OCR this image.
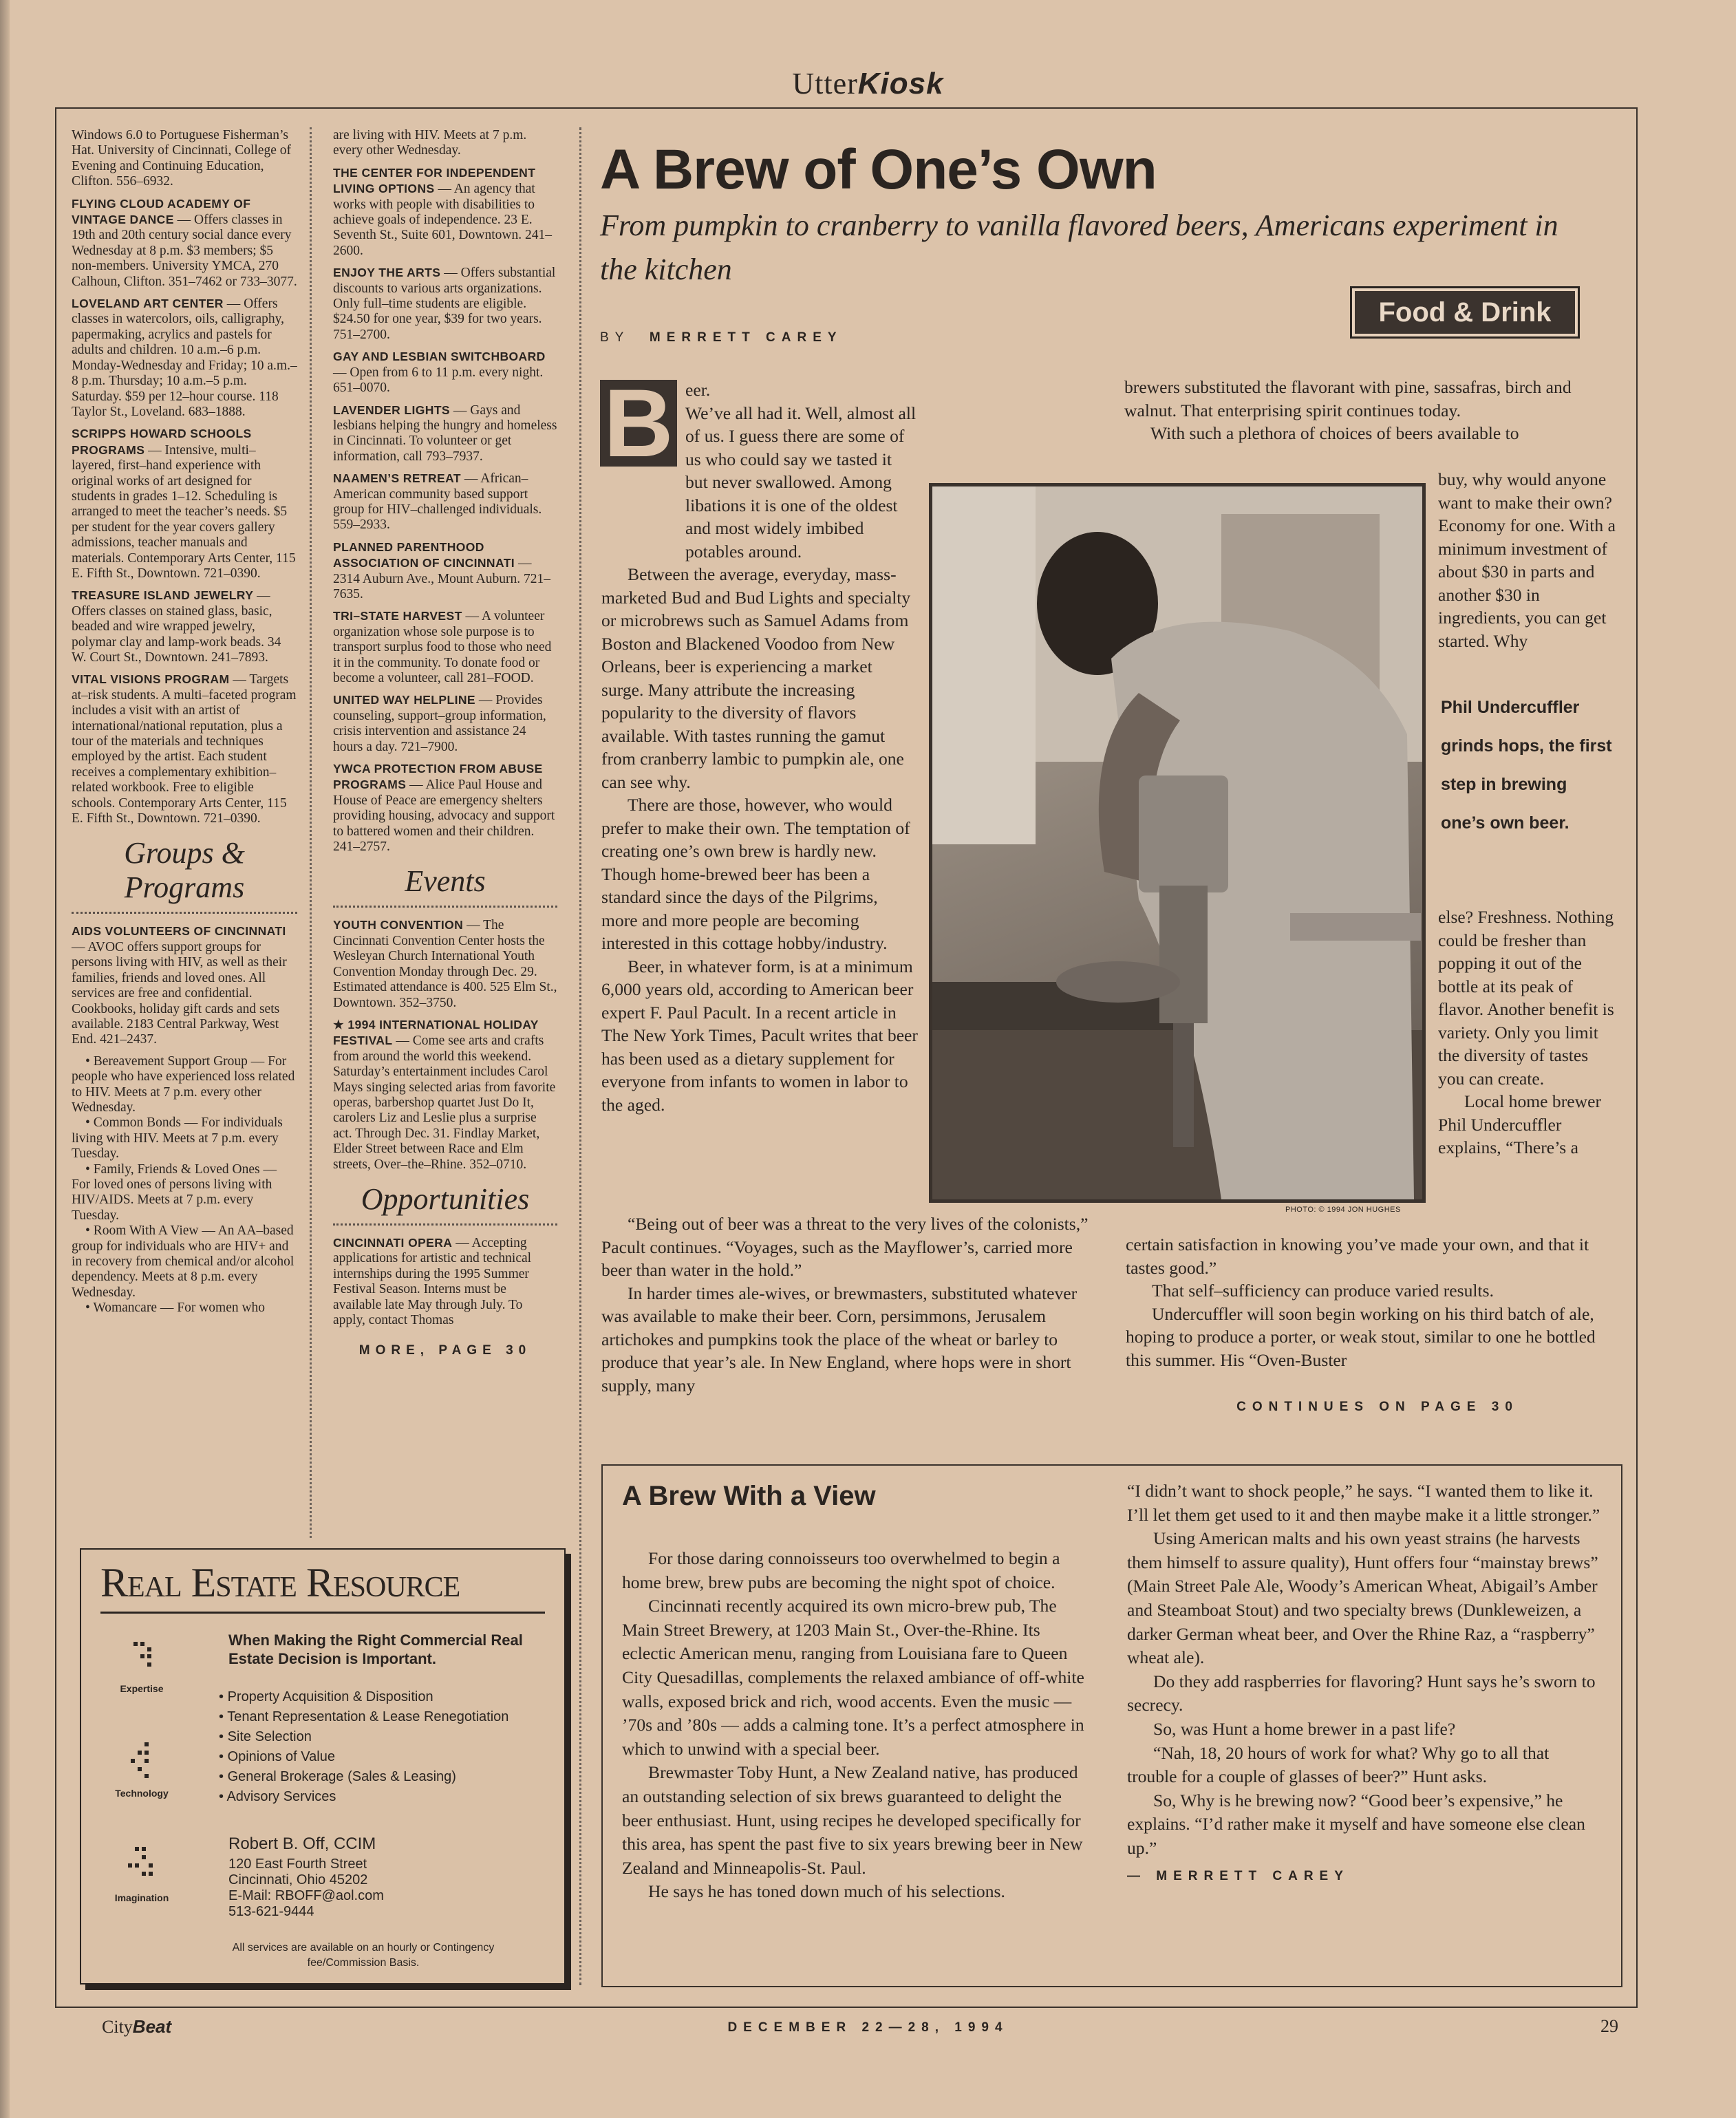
UtterKiosk

Windows 6.0 to Portuguese Fisherman’s Hat. University of Cincinnati, College of Evening and Continuing Education, Clifton. 556–6932.

FLYING CLOUD ACADEMY OF VINTAGE DANCE — Offers classes in 19th and 20th century social dance every Wednesday at 8 p.m. $3 members; $5 non-members. University YMCA, 270 Calhoun, Clifton. 351–7462 or 733–3077.

LOVELAND ART CENTER — Offers classes in watercolors, oils, calligraphy, papermaking, acrylics and pastels for adults and children. 10 a.m.–6 p.m. Monday-Wednesday and Friday; 10 a.m.–8 p.m. Thursday; 10 a.m.–5 p.m. Saturday. $59 per 12–hour course. 118 Taylor St., Loveland. 683–1888.

SCRIPPS HOWARD SCHOOLS PROGRAMS — Intensive, multi–layered, first–hand experience with original works of art designed for students in grades 1–12. Scheduling is arranged to meet the teacher’s needs. $5 per student for the year covers gallery admissions, teacher manuals and materials. Contemporary Arts Center, 115 E. Fifth St., Downtown. 721–0390.

TREASURE ISLAND JEWELRY — Offers classes on stained glass, basic, beaded and wire wrapped jewelry, polymar clay and lamp-work beads. 34 W. Court St., Downtown. 241–7893.

VITAL VISIONS PROGRAM — Targets at–risk students. A multi–faceted program includes a visit with an artist of international/national reputation, plus a tour of the materials and techniques employed by the artist. Each student receives a complementary exhibition–related workbook. Free to eligible schools. Contemporary Arts Center, 115 E. Fifth St., Downtown. 721–0390.

Groups & Programs

AIDS VOLUNTEERS OF CINCINNATI — AVOC offers support groups for persons living with HIV, as well as their families, friends and loved ones. All services are free and confidential. Cookbooks, holiday gift cards and sets available. 2183 Central Parkway, West End. 421–2437.

• Bereavement Support Group — For people who have experienced loss related to HIV. Meets at 7 p.m. every other Wednesday.

• Common Bonds — For individuals living with HIV. Meets at 7 p.m. every Tuesday.

• Family, Friends & Loved Ones — For loved ones of persons living with HIV/AIDS. Meets at 7 p.m. every Tuesday.

• Room With A View — An AA–based group for individuals who are HIV+ and in recovery from chemical and/or alcohol dependency. Meets at 8 p.m. every Wednesday.

• Womancare — For women who

are living with HIV. Meets at 7 p.m. every other Wednesday.

THE CENTER FOR INDEPENDENT LIVING OPTIONS — An agency that works with people with disabilities to achieve goals of independence. 23 E. Seventh St., Suite 601, Downtown. 241–2600.

ENJOY THE ARTS — Offers substantial discounts to various arts organizations. Only full–time students are eligible. $24.50 for one year, $39 for two years. 751–2700.

GAY AND LESBIAN SWITCHBOARD — Open from 6 to 11 p.m. every night. 651–0070.

LAVENDER LIGHTS — Gays and lesbians helping the hungry and homeless in Cincinnati. To volunteer or get information, call 793–7937.

NAAMEN’S RETREAT — African–American community based support group for HIV–challenged individuals. 559–2933.

PLANNED PARENTHOOD ASSOCIATION OF CINCINNATI — 2314 Auburn Ave., Mount Auburn. 721–7635.

TRI–STATE HARVEST — A volunteer organization whose sole purpose is to transport surplus food to those who need it in the community. To donate food or become a volunteer, call 281–FOOD.

UNITED WAY HELPLINE — Provides counseling, support–group information, crisis intervention and assistance 24 hours a day. 721–7900.

YWCA PROTECTION FROM ABUSE PROGRAMS — Alice Paul House and House of Peace are emergency shelters providing housing, advocacy and support to battered women and their children. 241–2757.

Events

YOUTH CONVENTION — The Cincinnati Convention Center hosts the Wesleyan Church International Youth Convention Monday through Dec. 29. Estimated attendance is 400. 525 Elm St., Downtown. 352–3750.

★ 1994 INTERNATIONAL HOLIDAY FESTIVAL — Come see arts and crafts from around the world this weekend. Saturday’s entertainment includes Carol Mays singing selected arias from favorite operas, barbershop quartet Just Do It, carolers Liz and Leslie plus a surprise act. Through Dec. 31. Findlay Market, Elder Street between Race and Elm streets, Over–the–Rhine. 352–0710.

Opportunities

CINCINNATI OPERA — Accepting applications for artistic and technical internships during the 1995 Summer Festival Season. Interns must be available late May through July. To apply, contact Thomas

MORE, PAGE 30
A Brew of One’s Own
From pumpkin to cranberry to vanilla flavored beers, Americans experiment in the kitchen
Food & Drink
BY MERRETT CAREY
B eer.

We’ve all had it. Well, almost all of us. I guess there are some of us who could say we tasted it but never swallowed. Among libations it is one of the oldest and most widely imbibed potables around.

Between the average, everyday, mass-marketed Bud and Bud Lights and specialty or microbrews such as Samuel Adams from Boston and Blackened Voodoo from New Orleans, beer is experiencing a market surge. Many attribute the increasing popularity to the diversity of flavors available. With tastes running the gamut from cranberry lambic to pumpkin ale, one can see why.

There are those, however, who would prefer to make their own. The temptation of creating one’s own brew is hardly new. Though home-brewed beer has been a standard since the days of the Pilgrims, more and more people are becoming interested in this cottage hobby/industry.

Beer, in whatever form, is at a minimum 6,000 years old, according to American beer expert F. Paul Pacult. In a recent article in The New York Times, Pacult writes that beer has been used as a dietary supplement for everyone from infants to women in labor to the aged.

“Being out of beer was a threat to the very lives of the colonists,” Pacult continues. “Voyages, such as the Mayflower’s, carried more beer than water in the hold.”

In harder times ale-wives, or brewmasters, substituted whatever was available to make their beer. Corn, persimmons, Jerusalem artichokes and pumpkins took the place of the wheat or barley to produce that year’s ale. In New England, where hops were in short supply, many

PHOTO: © 1994 JON HUGHES

brewers substituted the flavorant with pine, sassafras, birch and walnut. That enterprising spirit continues today.

With such a plethora of choices of beers available to

buy, why would anyone want to make their own? Economy for one. With a minimum investment of about $30 in parts and another $30 in ingredients, you can get started. Why

Phil Undercuffler grinds hops, the first step in brewing one’s own beer.

else? Freshness. Nothing could be fresher than popping it out of the bottle at its peak of flavor. Another benefit is variety. Only you limit the diversity of tastes you can create.

Local home brewer Phil Undercuffler explains, “There’s a

certain satisfaction in knowing you’ve made your own, and that it tastes good.”

That self–sufficiency can produce varied results.

Undercuffler will soon begin working on his third batch of ale, hoping to produce a porter, or weak stout, similar to one he bottled this summer. His “Oven-Buster

CONTINUES ON PAGE 30
A Brew With a View

For those daring connoisseurs too overwhelmed to begin a home brew, brew pubs are becoming the night spot of choice.

Cincinnati recently acquired its own micro-brew pub, The Main Street Brewery, at 1203 Main St., Over-the-Rhine. Its eclectic American menu, ranging from Louisiana fare to Queen City Quesadillas, complements the relaxed ambiance of off-white walls, exposed brick and rich, wood accents. Even the music — ’70s and ’80s — adds a calming tone. It’s a perfect atmosphere in which to unwind with a special beer.

Brewmaster Toby Hunt, a New Zealand native, has produced an outstanding selection of six brews guaranteed to delight the beer enthusiast. Hunt, using recipes he developed specifically for this area, has spent the past five to six years brewing beer in New Zealand and Minneapolis-St. Paul.

He says he has toned down much of his selections.

“I didn’t want to shock people,” he says. “I wanted them to like it. I’ll let them get used to it and then maybe make it a little stronger.”

Using American malts and his own yeast strains (he harvests them himself to assure quality), Hunt offers four “mainstay brews” (Main Street Pale Ale, Woody’s American Wheat, Abigail’s Amber and Steamboat Stout) and two specialty brews (Dunkleweizen, a darker German wheat beer, and Over the Rhine Raz, a “raspberry” wheat ale).

Do they add raspberries for flavoring? Hunt says he’s sworn to secrecy.

So, was Hunt a home brewer in a past life?

“Nah, 18, 20 hours of work for what? Why go to all that trouble for a couple of glasses of beer?” Hunt asks.

So, Why is he brewing now? “Good beer’s expensive,” he explains. “I’d rather make it myself and have someone else clean up.”

— MERRETT CAREY
Real Estate Resource
Expertise
Technology
Imagination
When Making the Right Commercial Real Estate Decision is Important.
• Property Acquisition & Disposition
• Tenant Representation & Lease Renegotiation
• Site Selection
• Opinions of Value
• General Brokerage (Sales & Leasing)
• Advisory Services
Robert B. Off, CCIM
120 East Fourth Street
Cincinnati, Ohio 45202
E-Mail: RBOFF@aol.com
513-621-9444
All services are available on an hourly or Contingency fee/Commission Basis.
CityBeat	DECEMBER 22—28, 1994	29
